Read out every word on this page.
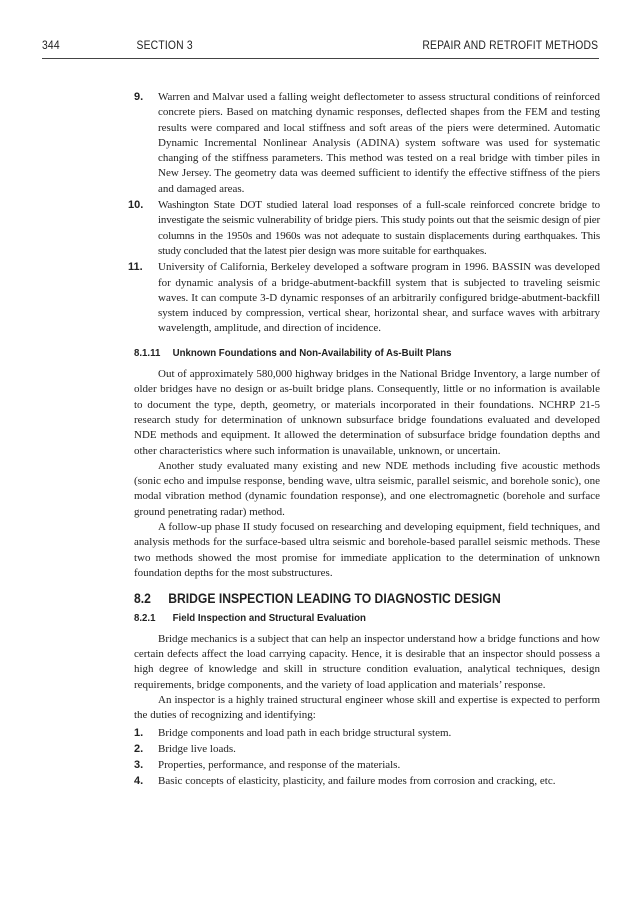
344	SECTION 3	REPAIR AND RETROFIT METHODS
9. Warren and Malvar used a falling weight deflectometer to assess structural conditions of reinforced concrete piers. Based on matching dynamic responses, deflected shapes from the FEM and testing results were compared and local stiffness and soft areas of the piers were determined. Automatic Dynamic Incremental Nonlinear Analysis (ADINA) system software was used for systematic changing of the stiffness parameters. This method was tested on a real bridge with timber piles in New Jersey. The geometry data was deemed sufficient to identify the effective stiffness of the piers and damaged areas.
10. Washington State DOT studied lateral load responses of a full-scale reinforced concrete bridge to investigate the seismic vulnerability of bridge piers. This study points out that the seismic design of pier columns in the 1950s and 1960s was not adequate to sustain displacements during earthquakes. This study concluded that the latest pier design was more suitable for earthquakes.
11. University of California, Berkeley developed a software program in 1996. BASSIN was developed for dynamic analysis of a bridge-abutment-backfill system that is subjected to traveling seismic waves. It can compute 3-D dynamic responses of an arbitrarily configured bridge-abutment-backfill system induced by compression, vertical shear, horizontal shear, and surface waves with arbitrary wavelength, amplitude, and direction of incidence.
8.1.11 Unknown Foundations and Non-Availability of As-Built Plans

Out of approximately 580,000 highway bridges in the National Bridge Inventory, a large number of older bridges have no design or as-built bridge plans. Consequently, little or no information is available to document the type, depth, geometry, or materials incorporated in their foundations. NCHRP 21-5 research study for determination of unknown subsurface bridge foundations evaluated and developed NDE methods and equipment. It allowed the determination of subsurface bridge foundation depths and other characteristics where such information is unavailable, unknown, or uncertain.

Another study evaluated many existing and new NDE methods including five acoustic methods (sonic echo and impulse response, bending wave, ultra seismic, parallel seismic, and borehole sonic), one modal vibration method (dynamic foundation response), and one electromagnetic (borehole and surface ground penetrating radar) method.

A follow-up phase II study focused on researching and developing equipment, field techniques, and analysis methods for the surface-based ultra seismic and borehole-based parallel seismic methods. These two methods showed the most promise for immediate application to the determination of unknown foundation depths for the most substructures.

8.2 BRIDGE INSPECTION LEADING TO DIAGNOSTIC DESIGN
8.2.1 Field Inspection and Structural Evaluation

Bridge mechanics is a subject that can help an inspector understand how a bridge functions and how certain defects affect the load carrying capacity. Hence, it is desirable that an inspector should possess a high degree of knowledge and skill in structure condition evaluation, analytical techniques, design requirements, bridge components, and the variety of load application and materials’ response.

An inspector is a highly trained structural engineer whose skill and expertise is expected to perform the duties of recognizing and identifying:

1. Bridge components and load path in each bridge structural system.
2. Bridge live loads.
3. Properties, performance, and response of the materials.
4. Basic concepts of elasticity, plasticity, and failure modes from corrosion and cracking, etc.
